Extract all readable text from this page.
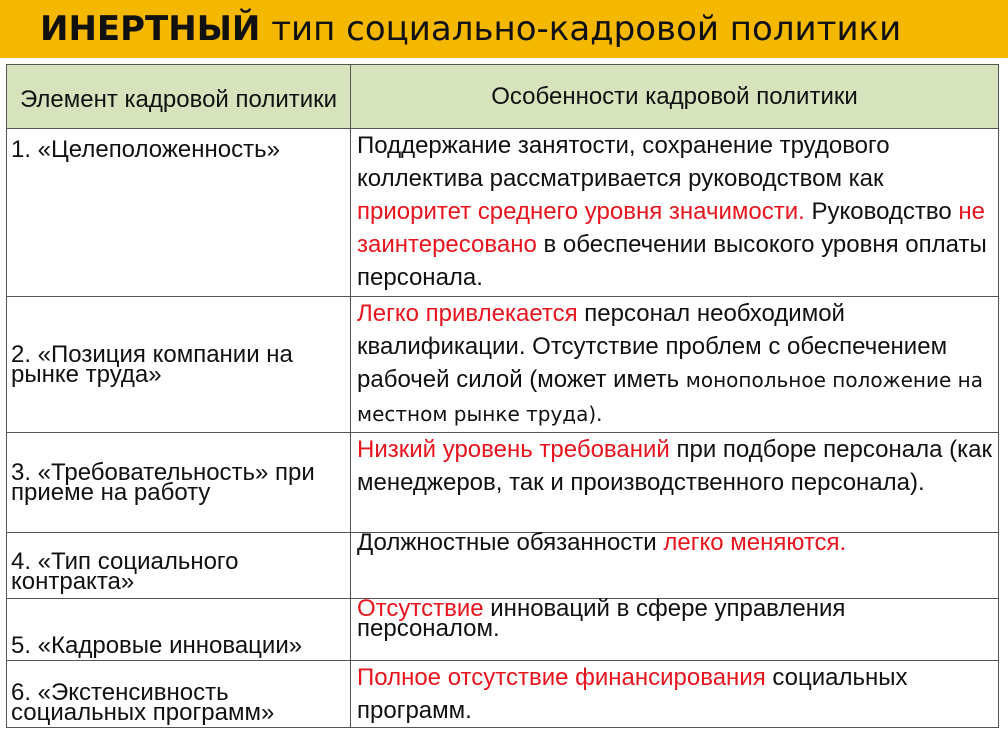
ИНЕРТНЫЙ тип социально-кадровой политики
Элемент кадровой политики	Особенности кадровой политики
1. «Целеположенность»	Поддержание занятости, сохранение трудового коллектива рассматривается руководством как приоритет среднего уровня значимости. Руководство не заинтересовано в обеспечении высокого уровня оплаты персонала.
2. «Позиция компании на рынке труда»	Легко привлекается персонал необходимой квалификации. Отсутствие проблем с обеспечением рабочей силой (может иметь монопольное положение на местном рынке труда).
3. «Требовательность» при приеме на работу	Низкий уровень требований при подборе персонала (как менеджеров, так и производственного персонала).
4. «Тип социального контракта»	Должностные обязанности легко меняются.
5. «Кадровые инновации»	Отсутствие инноваций в сфере управления персоналом.
6. «Экстенсивность социальных программ»	Полное отсутствие финансирования социальных программ.
